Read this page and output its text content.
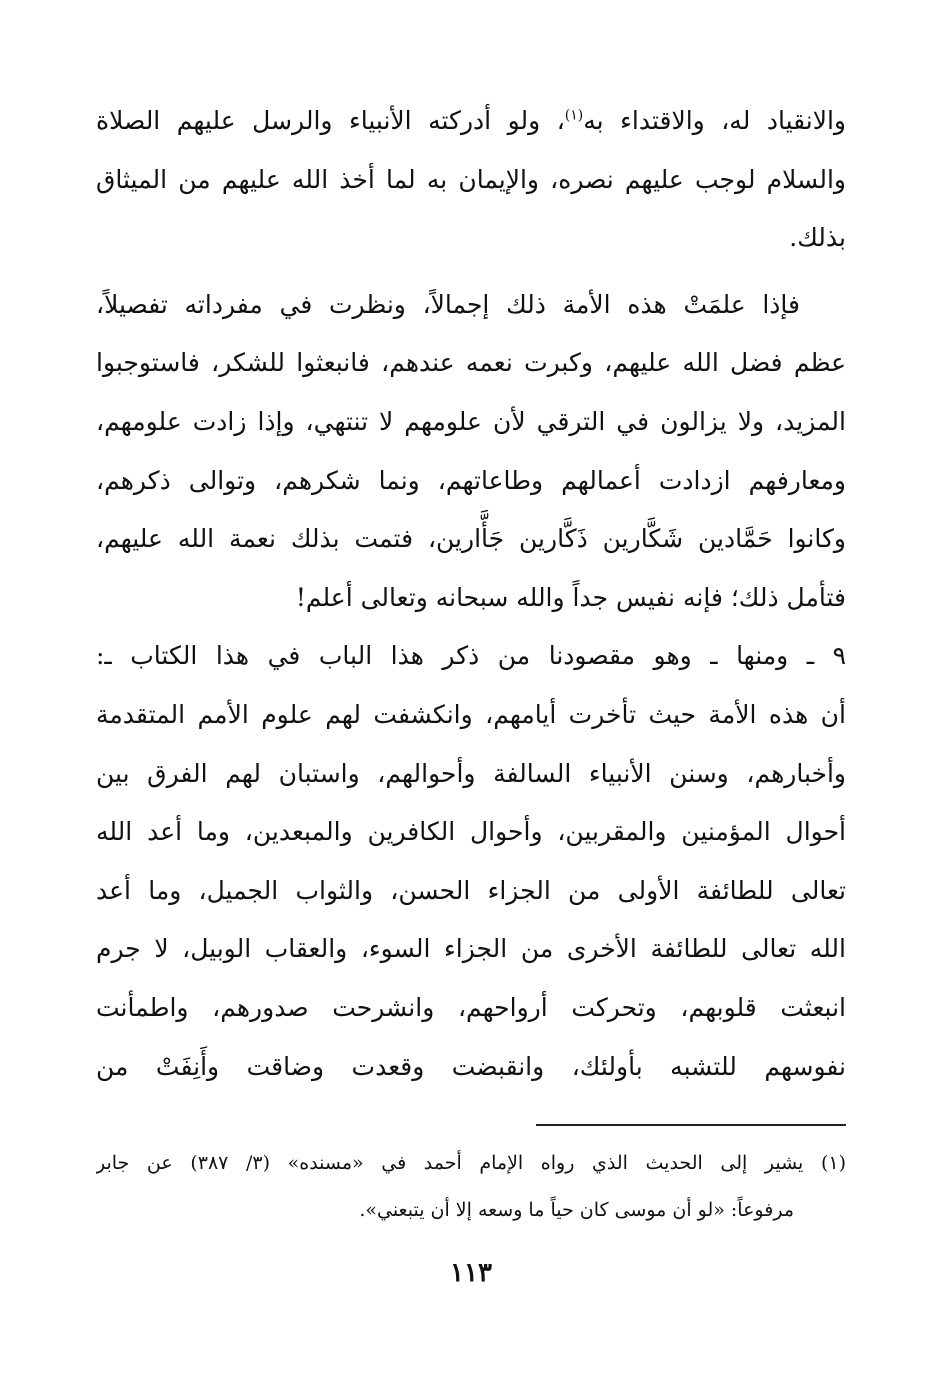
والانقياد له، والاقتداء به$^{(١)}$، ولو أدركته الأنبياء والرسل عليهم الصلاة
والسلام لوجب عليهم نصره، والإيمان به لما أخذ الله عليهم من الميثاق
بذلك.
فإذا علمَتْ هذه الأمة ذلك إجمالاً، ونظرت في مفرداته تفصيلاً،
عظم فضل الله عليهم، وكبرت نعمه عندهم، فانبعثوا للشكر، فاستوجبوا
المزيد، ولا يزالون في الترقي لأن علومهم لا تنتهي، وإذا زادت علومهم،
ومعارفهم ازدادت أعمالهم وطاعاتهم، ونما شكرهم، وتوالى ذكرهم،
وكانوا حَمَّادين شَكَّارين ذَكَّارين جَأَّارين، فتمت بذلك نعمة الله عليهم،
فتأمل ذلك؛ فإنه نفيس جداً والله سبحانه وتعالى أعلم!
٩ ـ ومنها ـ وهو مقصودنا من ذكر هذا الباب في هذا الكتاب ـ:
أن هذه الأمة حيث تأخرت أيامهم، وانكشفت لهم علوم الأمم المتقدمة
وأخبارهم، وسنن الأنبياء السالفة وأحوالهم، واستبان لهم الفرق بين
أحوال المؤمنين والمقربين، وأحوال الكافرين والمبعدين، وما أعد الله
تعالى للطائفة الأولى من الجزاء الحسن، والثواب الجميل، وما أعد
الله تعالى للطائفة الأخرى من الجزاء السوء، والعقاب الوبيل، لا جرم
انبعثت قلوبهم، وتحركت أرواحهم، وانشرحت صدورهم، واطمأنت
نفوسهم للتشبه بأولئك، وانقبضت وقعدت وضاقت وأَنِفَتْ من
(١) يشير إلى الحديث الذي رواه الإمام أحمد في «مسنده» (٣/ ٣٨٧) عن جابر
مرفوعاً: «لو أن موسى كان حياً ما وسعه إلا أن يتبعني».
١١٣
